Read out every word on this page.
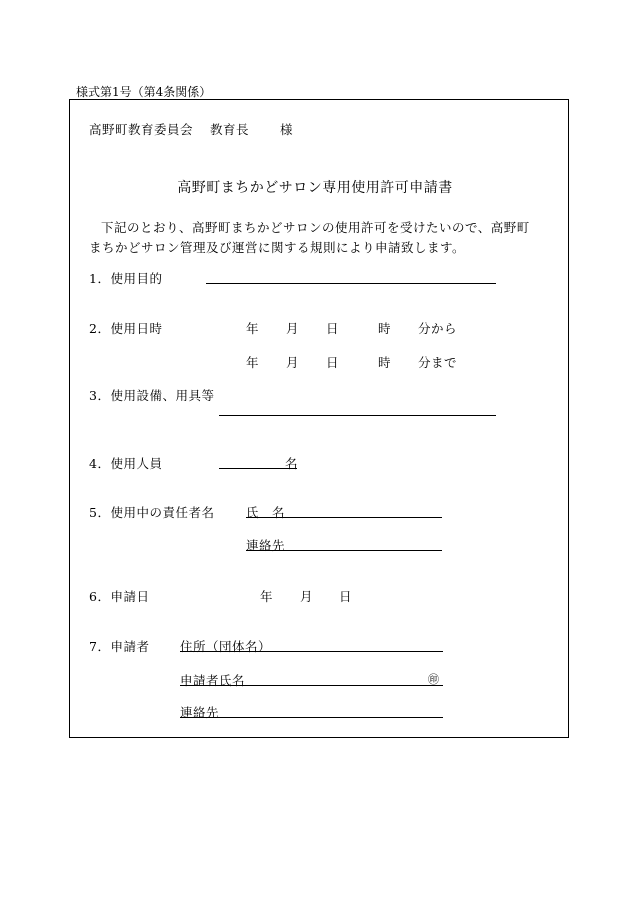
様式第1号（第4条関係）
高野町教育委員会 教育長 様
高野町まちかどサロン専用使用許可申請書
下記のとおり、高野町まちかどサロンの使用許可を受けたいので、高野町
まちかどサロン管理及び運営に関する規則により申請致します。
1．使用目的
2．使用日時	年 月 日	時 分から
年 月 日	時 分まで
3．使用設備、用具等
4．使用人員	名
5．使用中の責任者名	氏　名
連絡先
6．申請日	年 月 日
7．申請者 住所（団体名）
申請者氏名	㊞
連絡先
